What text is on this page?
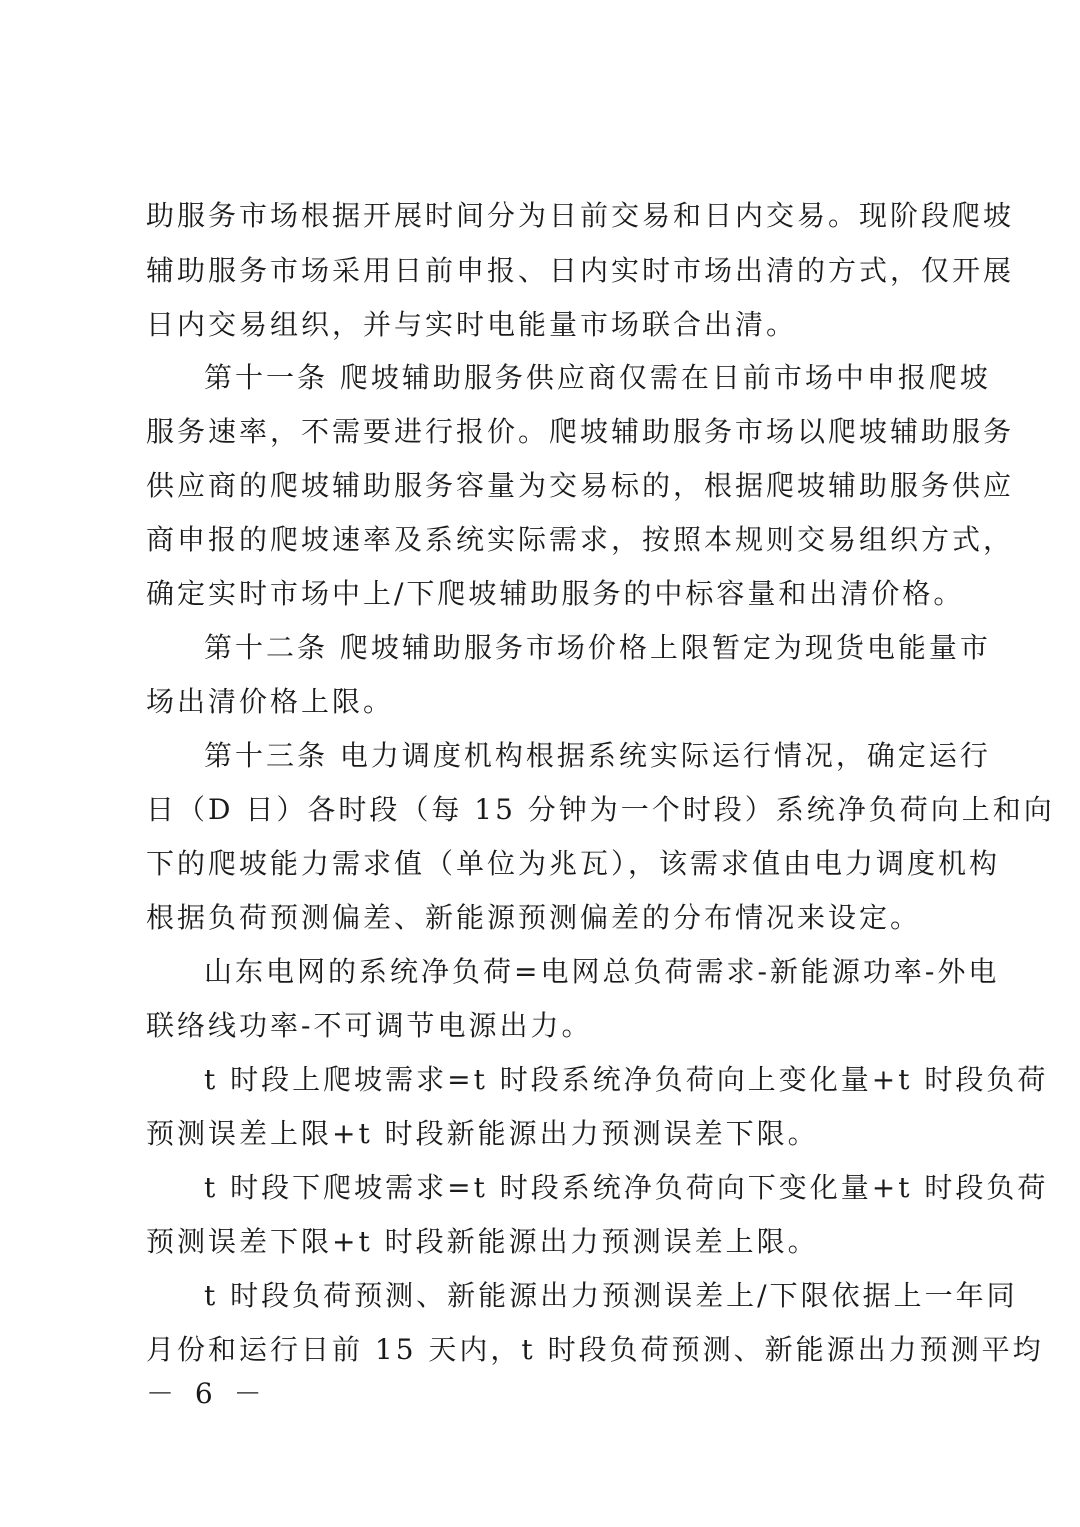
助服务市场根据开展时间分为日前交易和日内交易。现阶段爬坡
辅助服务市场采用日前申报、日内实时市场出清的方式，仅开展
日内交易组织，并与实时电能量市场联合出清。
第十一条 爬坡辅助服务供应商仅需在日前市场中申报爬坡
服务速率，不需要进行报价。爬坡辅助服务市场以爬坡辅助服务
供应商的爬坡辅助服务容量为交易标的，根据爬坡辅助服务供应
商申报的爬坡速率及系统实际需求，按照本规则交易组织方式，
确定实时市场中上/下爬坡辅助服务的中标容量和出清价格。
第十二条 爬坡辅助服务市场价格上限暂定为现货电能量市
场出清价格上限。
第十三条 电力调度机构根据系统实际运行情况，确定运行
日（D 日）各时段（每 15 分钟为一个时段）系统净负荷向上和向
下的爬坡能力需求值（单位为兆瓦），该需求值由电力调度机构
根据负荷预测偏差、新能源预测偏差的分布情况来设定。
山东电网的系统净负荷=电网总负荷需求-新能源功率-外电
联络线功率-不可调节电源出力。
t 时段上爬坡需求=t 时段系统净负荷向上变化量+t 时段负荷
预测误差上限+t 时段新能源出力预测误差下限。
t 时段下爬坡需求=t 时段系统净负荷向下变化量+t 时段负荷
预测误差下限+t 时段新能源出力预测误差上限。
t 时段负荷预测、新能源出力预测误差上/下限依据上一年同
月份和运行日前 15 天内，t 时段负荷预测、新能源出力预测平均
－ 6 －
